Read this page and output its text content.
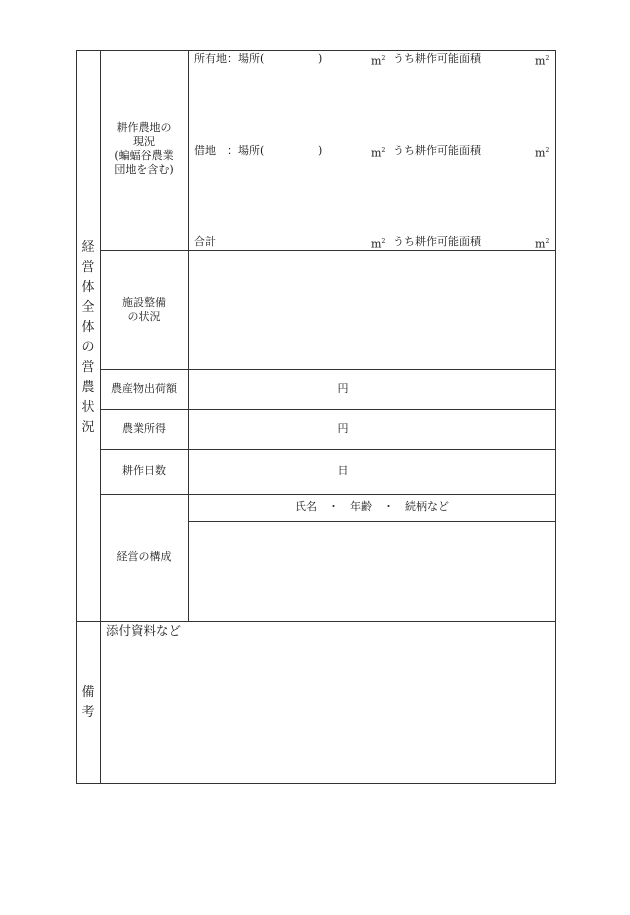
経
営
体
全
体
の
営
農
状
況
耕作農地の
現況
(蝙蝠谷農業
団地を含む)
所有地：場所(	)	$m^2$ うち耕作可能面積	$m^2$
借地　：場所(	)	$m^2$ うち耕作可能面積	$m^2$
合計	$m^2$ うち耕作可能面積	$m^2$
施設整備
の状況
農産物出荷額	円
農業所得	円
耕作日数	日
経営の構成
氏名　・　年齢　・　続柄など
備
考
添付資料など
